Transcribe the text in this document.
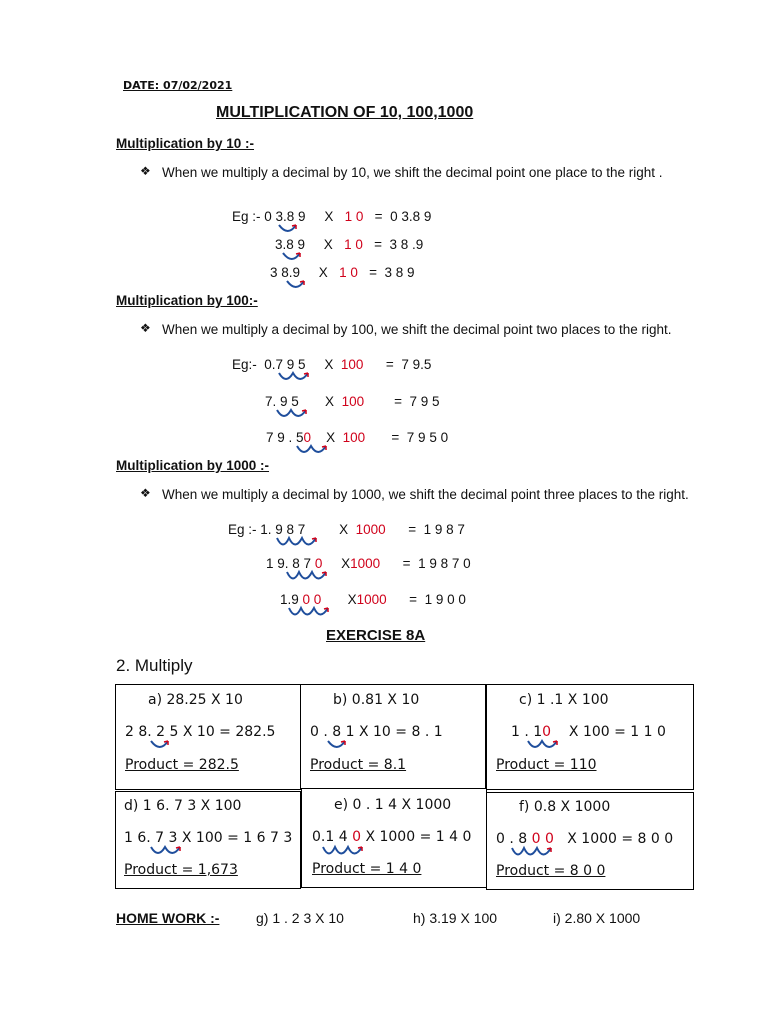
DATE: 07/02/2021
MULTIPLICATION OF 10, 100,1000
Multiplication by 10 :-
❖ When we multiply a decimal by 10, we shift the decimal point one place to the right .
Eg :- 0 3.8 9 X 1 0 = 0 3.8 9
3.8 9 X 1 0 = 3 8 .9
3 8.9 X 1 0 = 3 8 9
Multiplication by 100:-
❖ When we multiply a decimal by 100, we shift the decimal point two places to the right.
Eg:- 0.7 9 5 X 100 = 7 9.5
7. 9 5 X 100 = 7 9 5
7 9 . 50 X 100 = 7 9 5 0
Multiplication by 1000 :-
❖ When we multiply a decimal by 1000, we shift the decimal point three places to the right.
Eg :- 1. 9 8 7	X 1000 = 1 9 8 7
1 9. 8 7 0 X1000 = 1 9 8 7 0
1.9 0 0 X1000 = 1 9 0 0
EXERCISE 8A
2. Multiply
a) 28.25 X 10
2 8. 2 5 X 10 = 282.5
Product = 282.5
b) 0.81 X 10
0 . 8 1 X 10 = 8 . 1
Product = 8.1
c) 1 .1 X 100
1 . 10 X 100 = 1 1 0
Product = 110
d) 1 6. 7 3 X 100
1 6. 7 3 X 100 = 1 6 7 3
Product = 1,673
e) 0 . 1 4 X 1000
0.1 4 0 X 1000 = 1 4 0
Product = 1 4 0
f) 0.8 X 1000
0 . 8 0 0 X 1000 = 8 0 0
Product = 8 0 0
HOME WORK :-	g) 1 . 2 3 X 10	h) 3.19 X 100	i) 2.80 X 1000
